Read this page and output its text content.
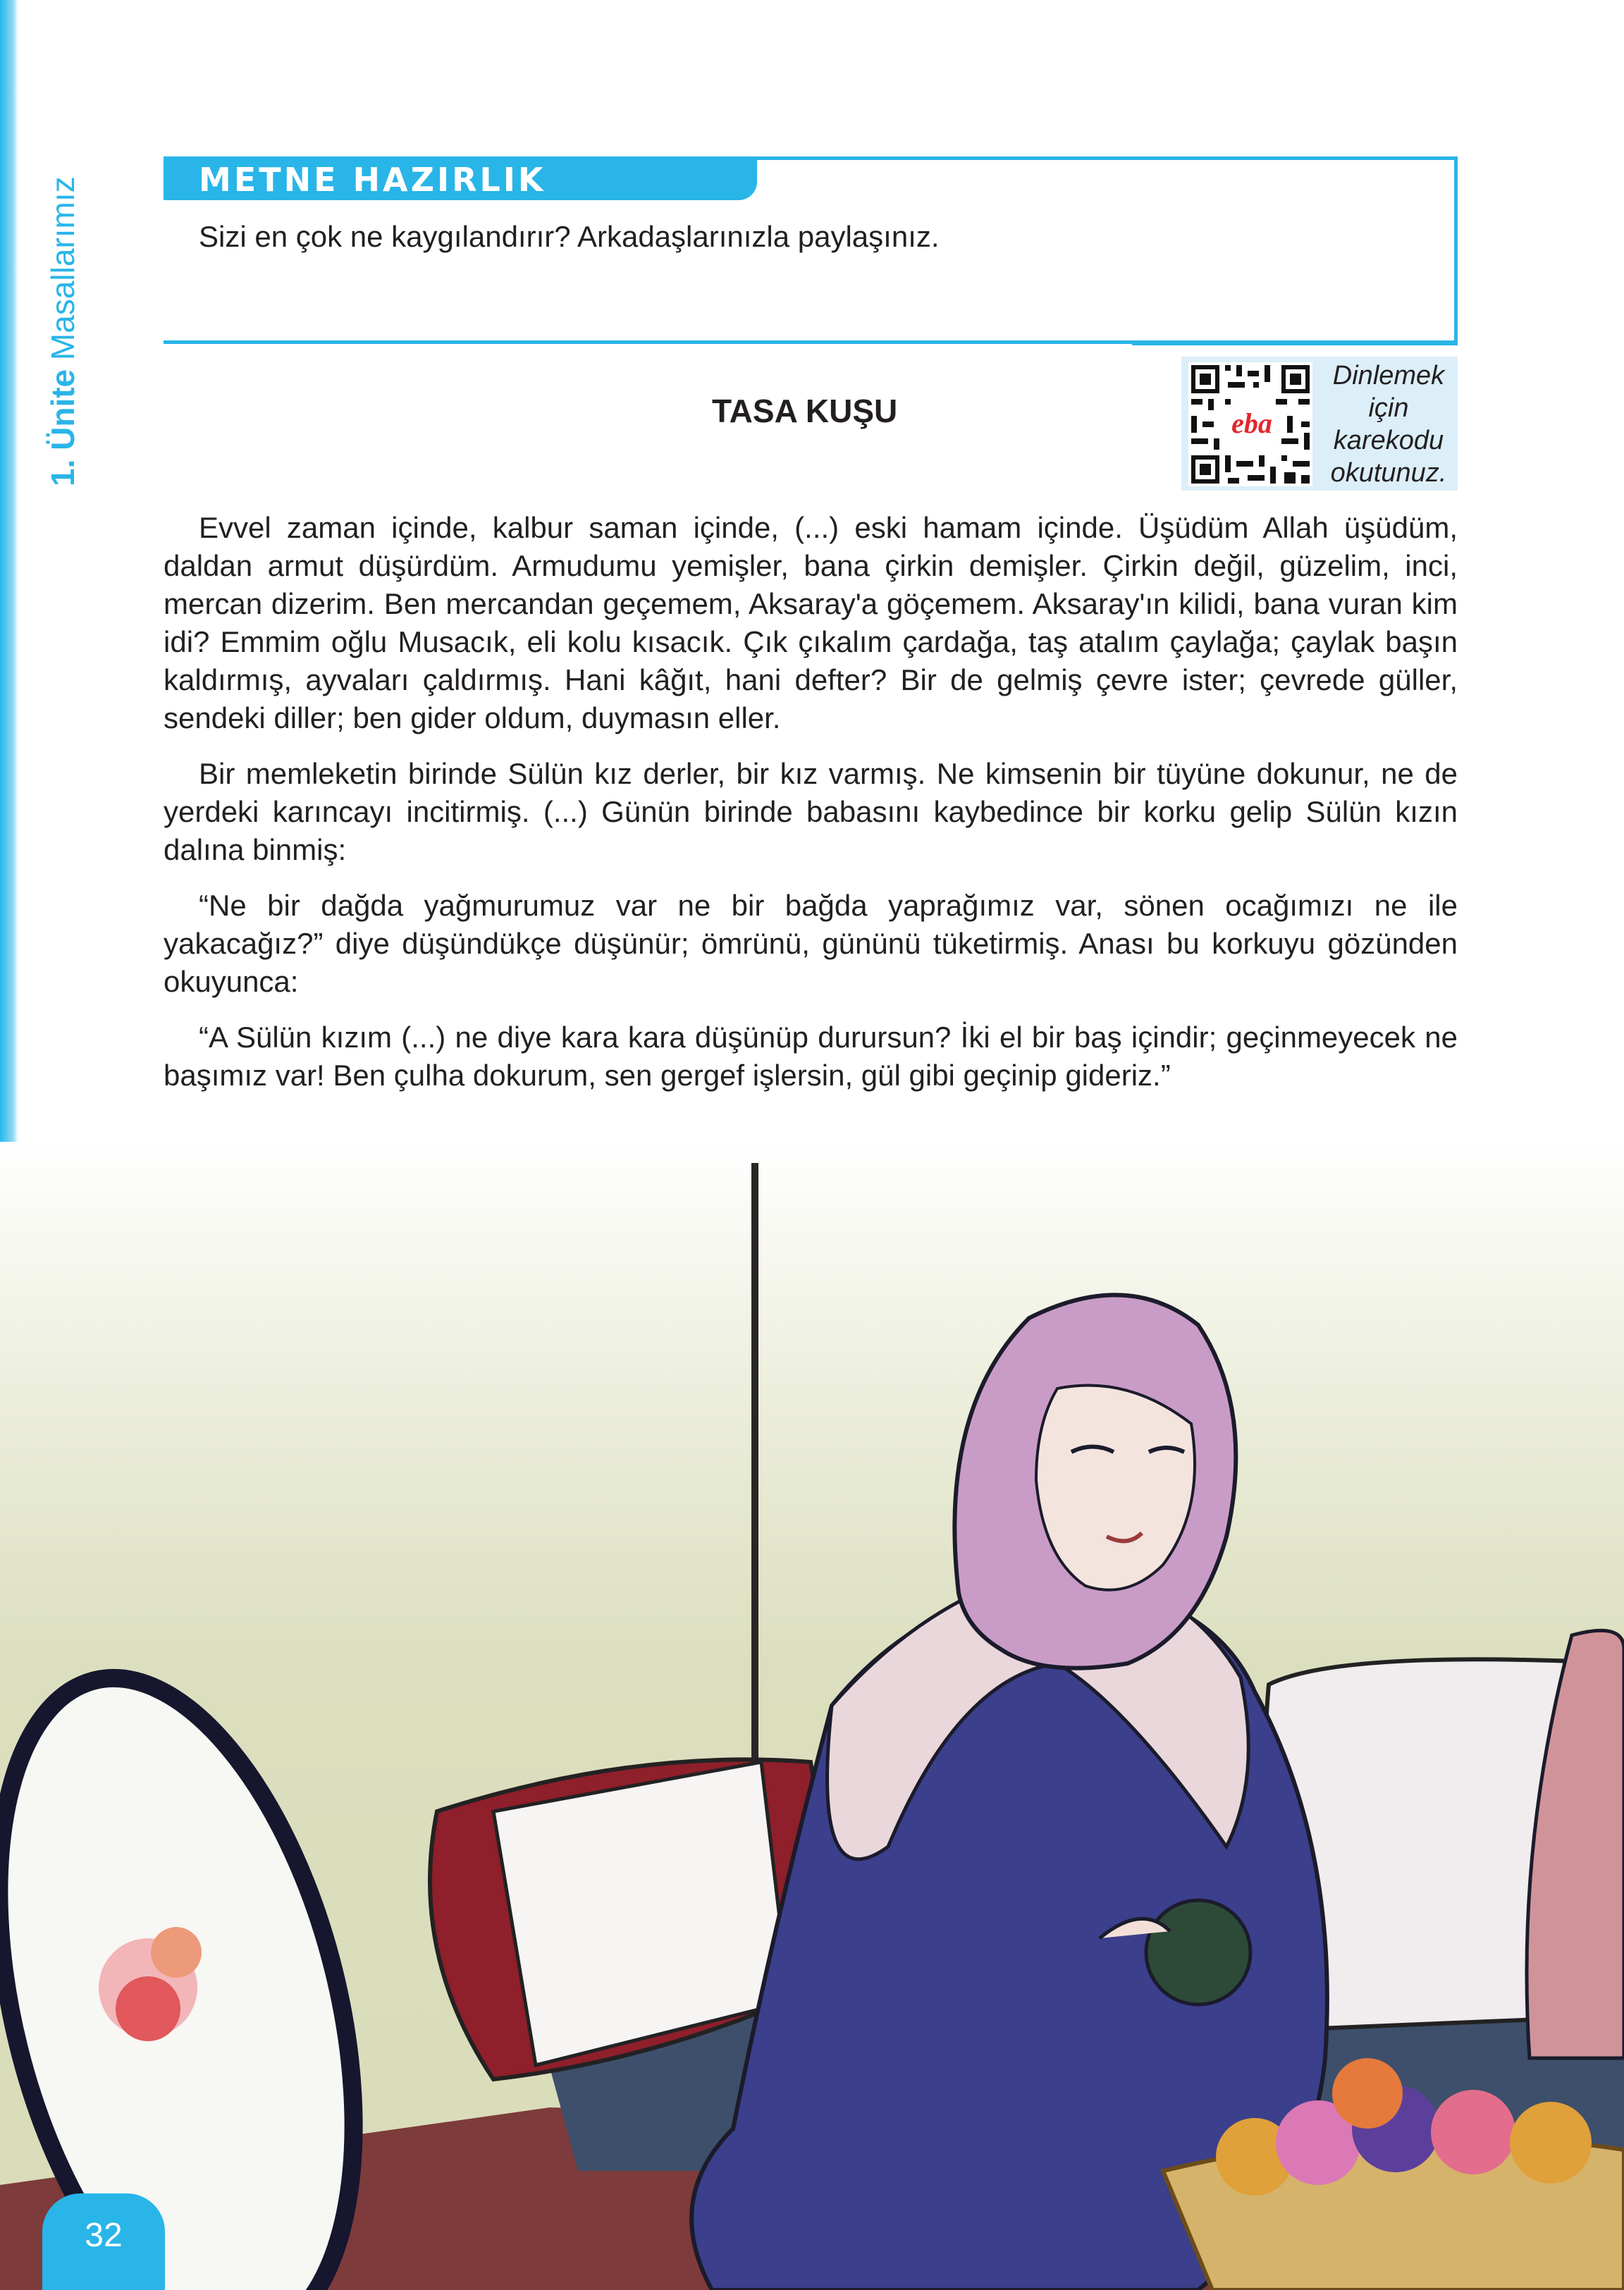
1. Ünite Masallarımız	METNE HAZIRLIK
Sizi en çok ne kaygılandırır? Arkadaşlarınızla paylaşınız.
TASA KUŞU	eba
Dinlemek
için
karekodu
okutunuz.

Evvel zaman içinde, kalbur saman içinde, (...) eski hamam içinde. Üşüdüm Allah üşüdüm, daldan armut düşürdüm. Armudumu yemişler, bana çirkin demişler. Çirkin değil, güzelim, inci, mercan dizerim. Ben mercandan geçemem, Aksaray'a göçemem. Aksaray'ın kilidi, bana vuran kim idi? Emmim oğlu Musacık, eli kolu kısacık. Çık çıkalım çardağa, taş atalım çaylağa; çaylak başın kaldırmış, ayvaları çaldırmış. Hani kâğıt, hani defter? Bir de gelmiş çevre ister; çevrede güller, sendeki diller; ben gider oldum, duymasın eller.

Bir memleketin birinde Sülün kız derler, bir kız varmış. Ne kimsenin bir tüyüne dokunur, ne de yerdeki karıncayı incitirmiş. (...) Günün birinde babasını kaybedince bir korku gelip Sülün kızın dalına binmiş:

“Ne bir dağda yağmurumuz var ne bir bağda yaprağımız var, sönen ocağımızı ne ile yakacağız?” diye düşündükçe düşünür; ömrünü, gününü tüketirmiş. Anası bu korkuyu gözünden okuyunca:

“A Sülün kızım (...) ne diye kara kara düşünüp durursun? İki el bir baş içindir; geçinmeyecek ne başımız var! Ben çulha dokurum, sen gergef işlersin, gül gibi geçinip gideriz.”

32
